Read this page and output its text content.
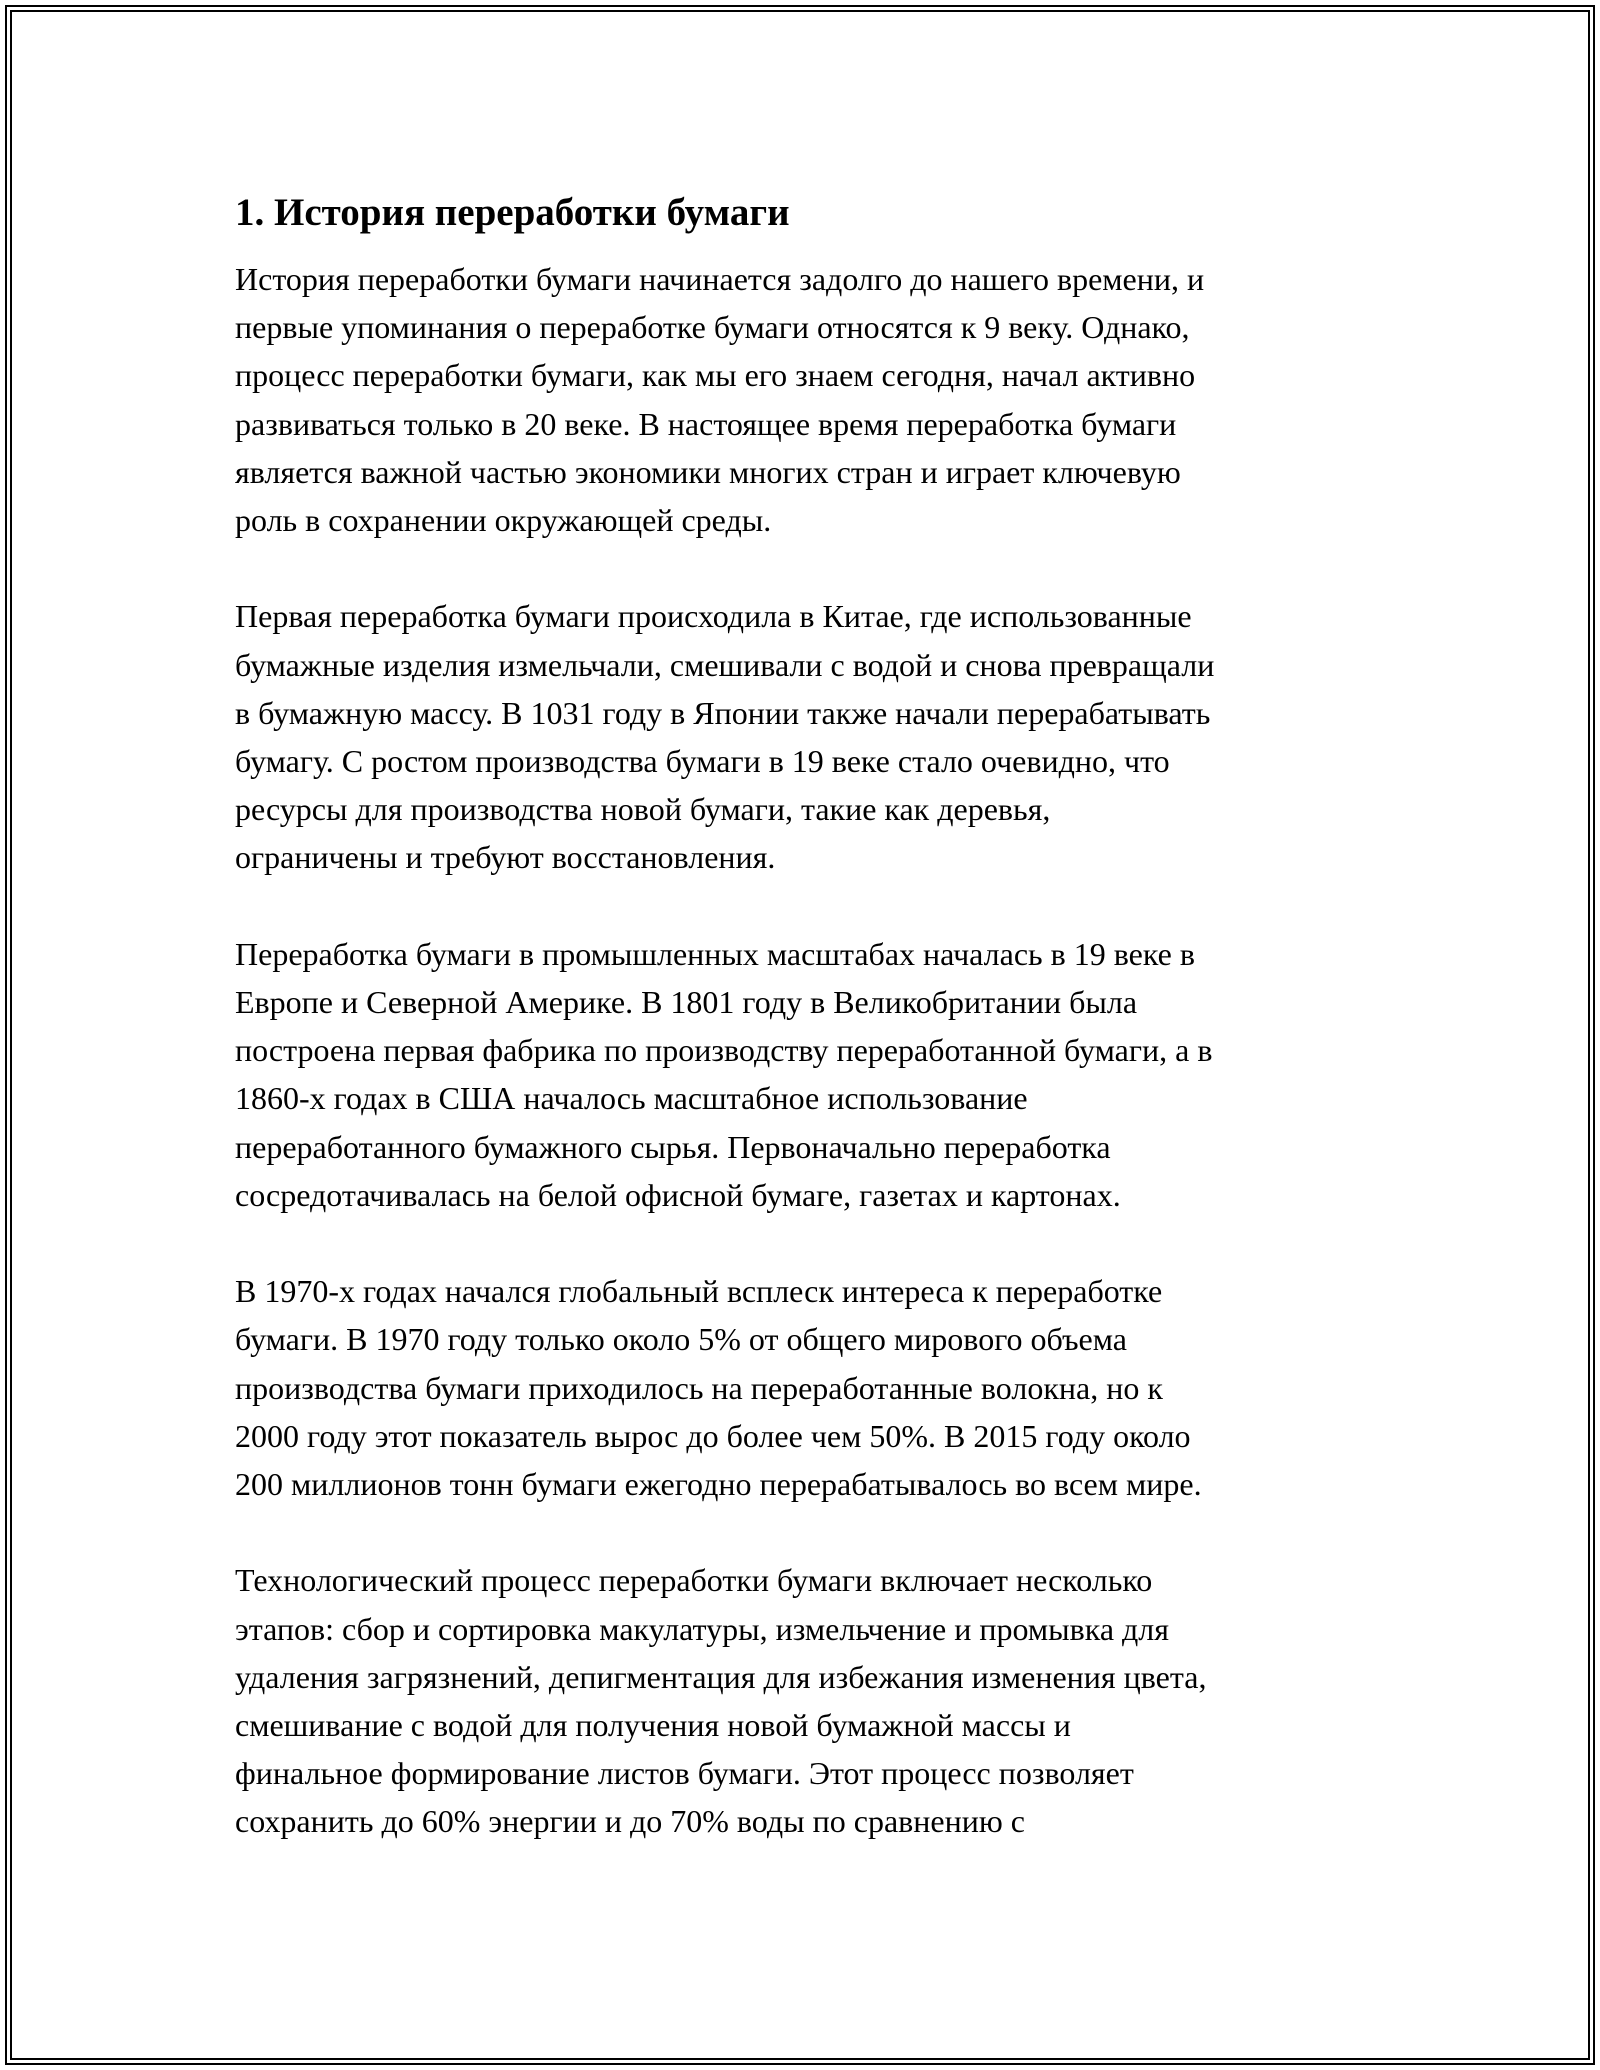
1. История переработки бумаги
История переработки бумаги начинается задолго до нашего времени, и
первые упоминания о переработке бумаги относятся к 9 веку. Однако,
процесс переработки бумаги, как мы его знаем сегодня, начал активно
развиваться только в 20 веке. В настоящее время переработка бумаги
является важной частью экономики многих стран и играет ключевую
роль в сохранении окружающей среды.
Первая переработка бумаги происходила в Китае, где использованные
бумажные изделия измельчали, смешивали с водой и снова превращали
в бумажную массу. В 1031 году в Японии также начали перерабатывать
бумагу. С ростом производства бумаги в 19 веке стало очевидно, что
ресурсы для производства новой бумаги, такие как деревья,
ограничены и требуют восстановления.
Переработка бумаги в промышленных масштабах началась в 19 веке в
Европе и Северной Америке. В 1801 году в Великобритании была
построена первая фабрика по производству переработанной бумаги, а в
1860-х годах в США началось масштабное использование
переработанного бумажного сырья. Первоначально переработка
сосредотачивалась на белой офисной бумаге, газетах и картонах.
В 1970-х годах начался глобальный всплеск интереса к переработке
бумаги. В 1970 году только около 5% от общего мирового объема
производства бумаги приходилось на переработанные волокна, но к
2000 году этот показатель вырос до более чем 50%. В 2015 году около
200 миллионов тонн бумаги ежегодно перерабатывалось во всем мире.
Технологический процесс переработки бумаги включает несколько
этапов: сбор и сортировка макулатуры, измельчение и промывка для
удаления загрязнений, депигментация для избежания изменения цвета,
смешивание с водой для получения новой бумажной массы и
финальное формирование листов бумаги. Этот процесс позволяет
сохранить до 60% энергии и до 70% воды по сравнению с
